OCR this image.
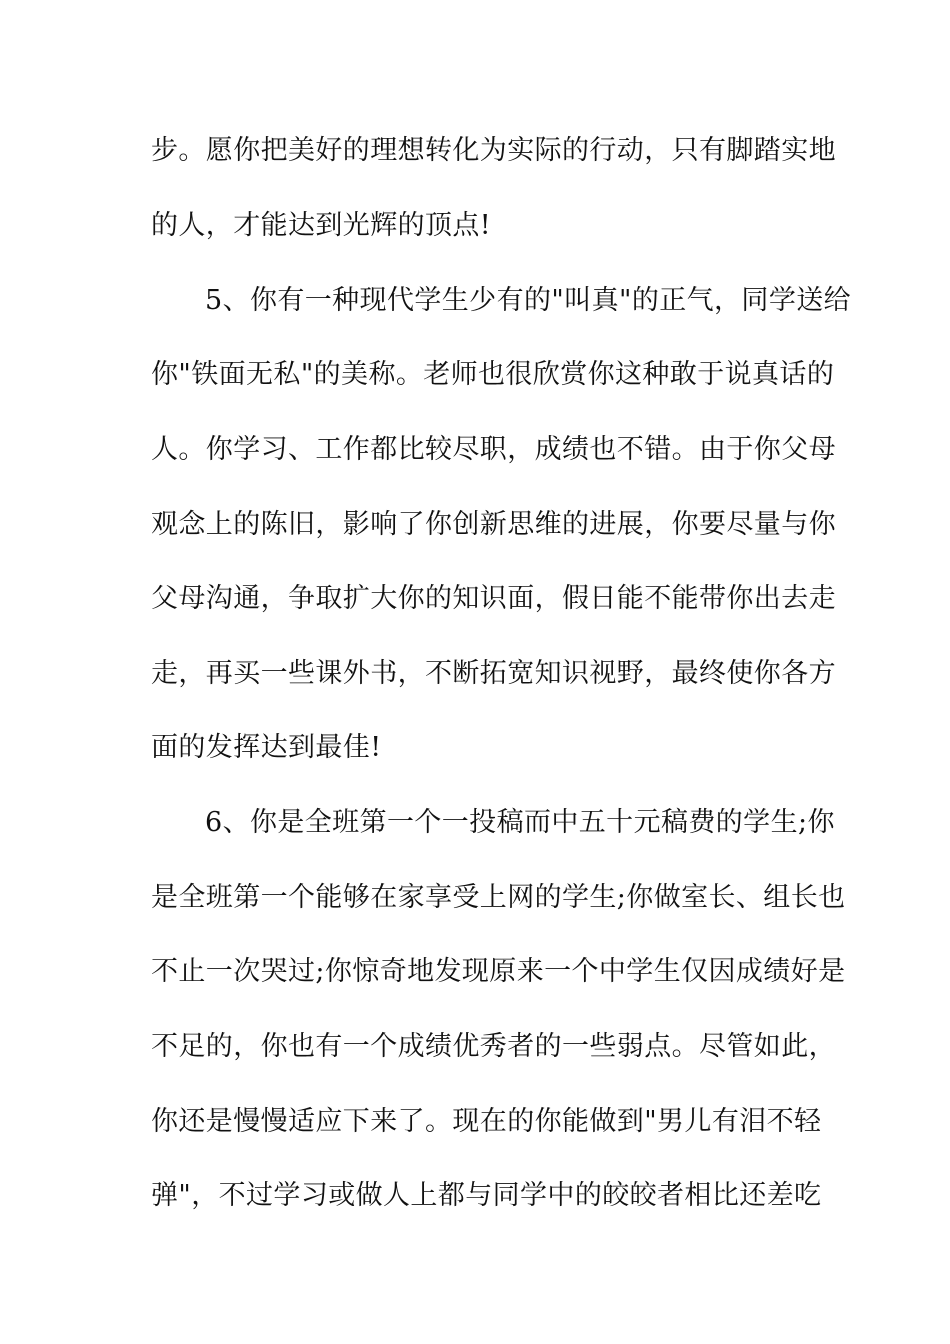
步。愿你把美好的理想转化为实际的行动，只有脚踏实地
的人，才能达到光辉的顶点!
5、你有一种现代学生少有的"叫真"的正气，同学送给
你"铁面无私"的美称。老师也很欣赏你这种敢于说真话的
人。你学习、工作都比较尽职，成绩也不错。由于你父母
观念上的陈旧，影响了你创新思维的进展，你要尽量与你
父母沟通，争取扩大你的知识面，假日能不能带你出去走
走，再买一些课外书，不断拓宽知识视野，最终使你各方
面的发挥达到最佳!
6、你是全班第一个一投稿而中五十元稿费的学生;你
是全班第一个能够在家享受上网的学生;你做室长、组长也
不止一次哭过;你惊奇地发现原来一个中学生仅因成绩好是
不足的，你也有一个成绩优秀者的一些弱点。尽管如此，
你还是慢慢适应下来了。现在的你能做到"男儿有泪不轻
弹"，不过学习或做人上都与同学中的皎皎者相比还差吃
